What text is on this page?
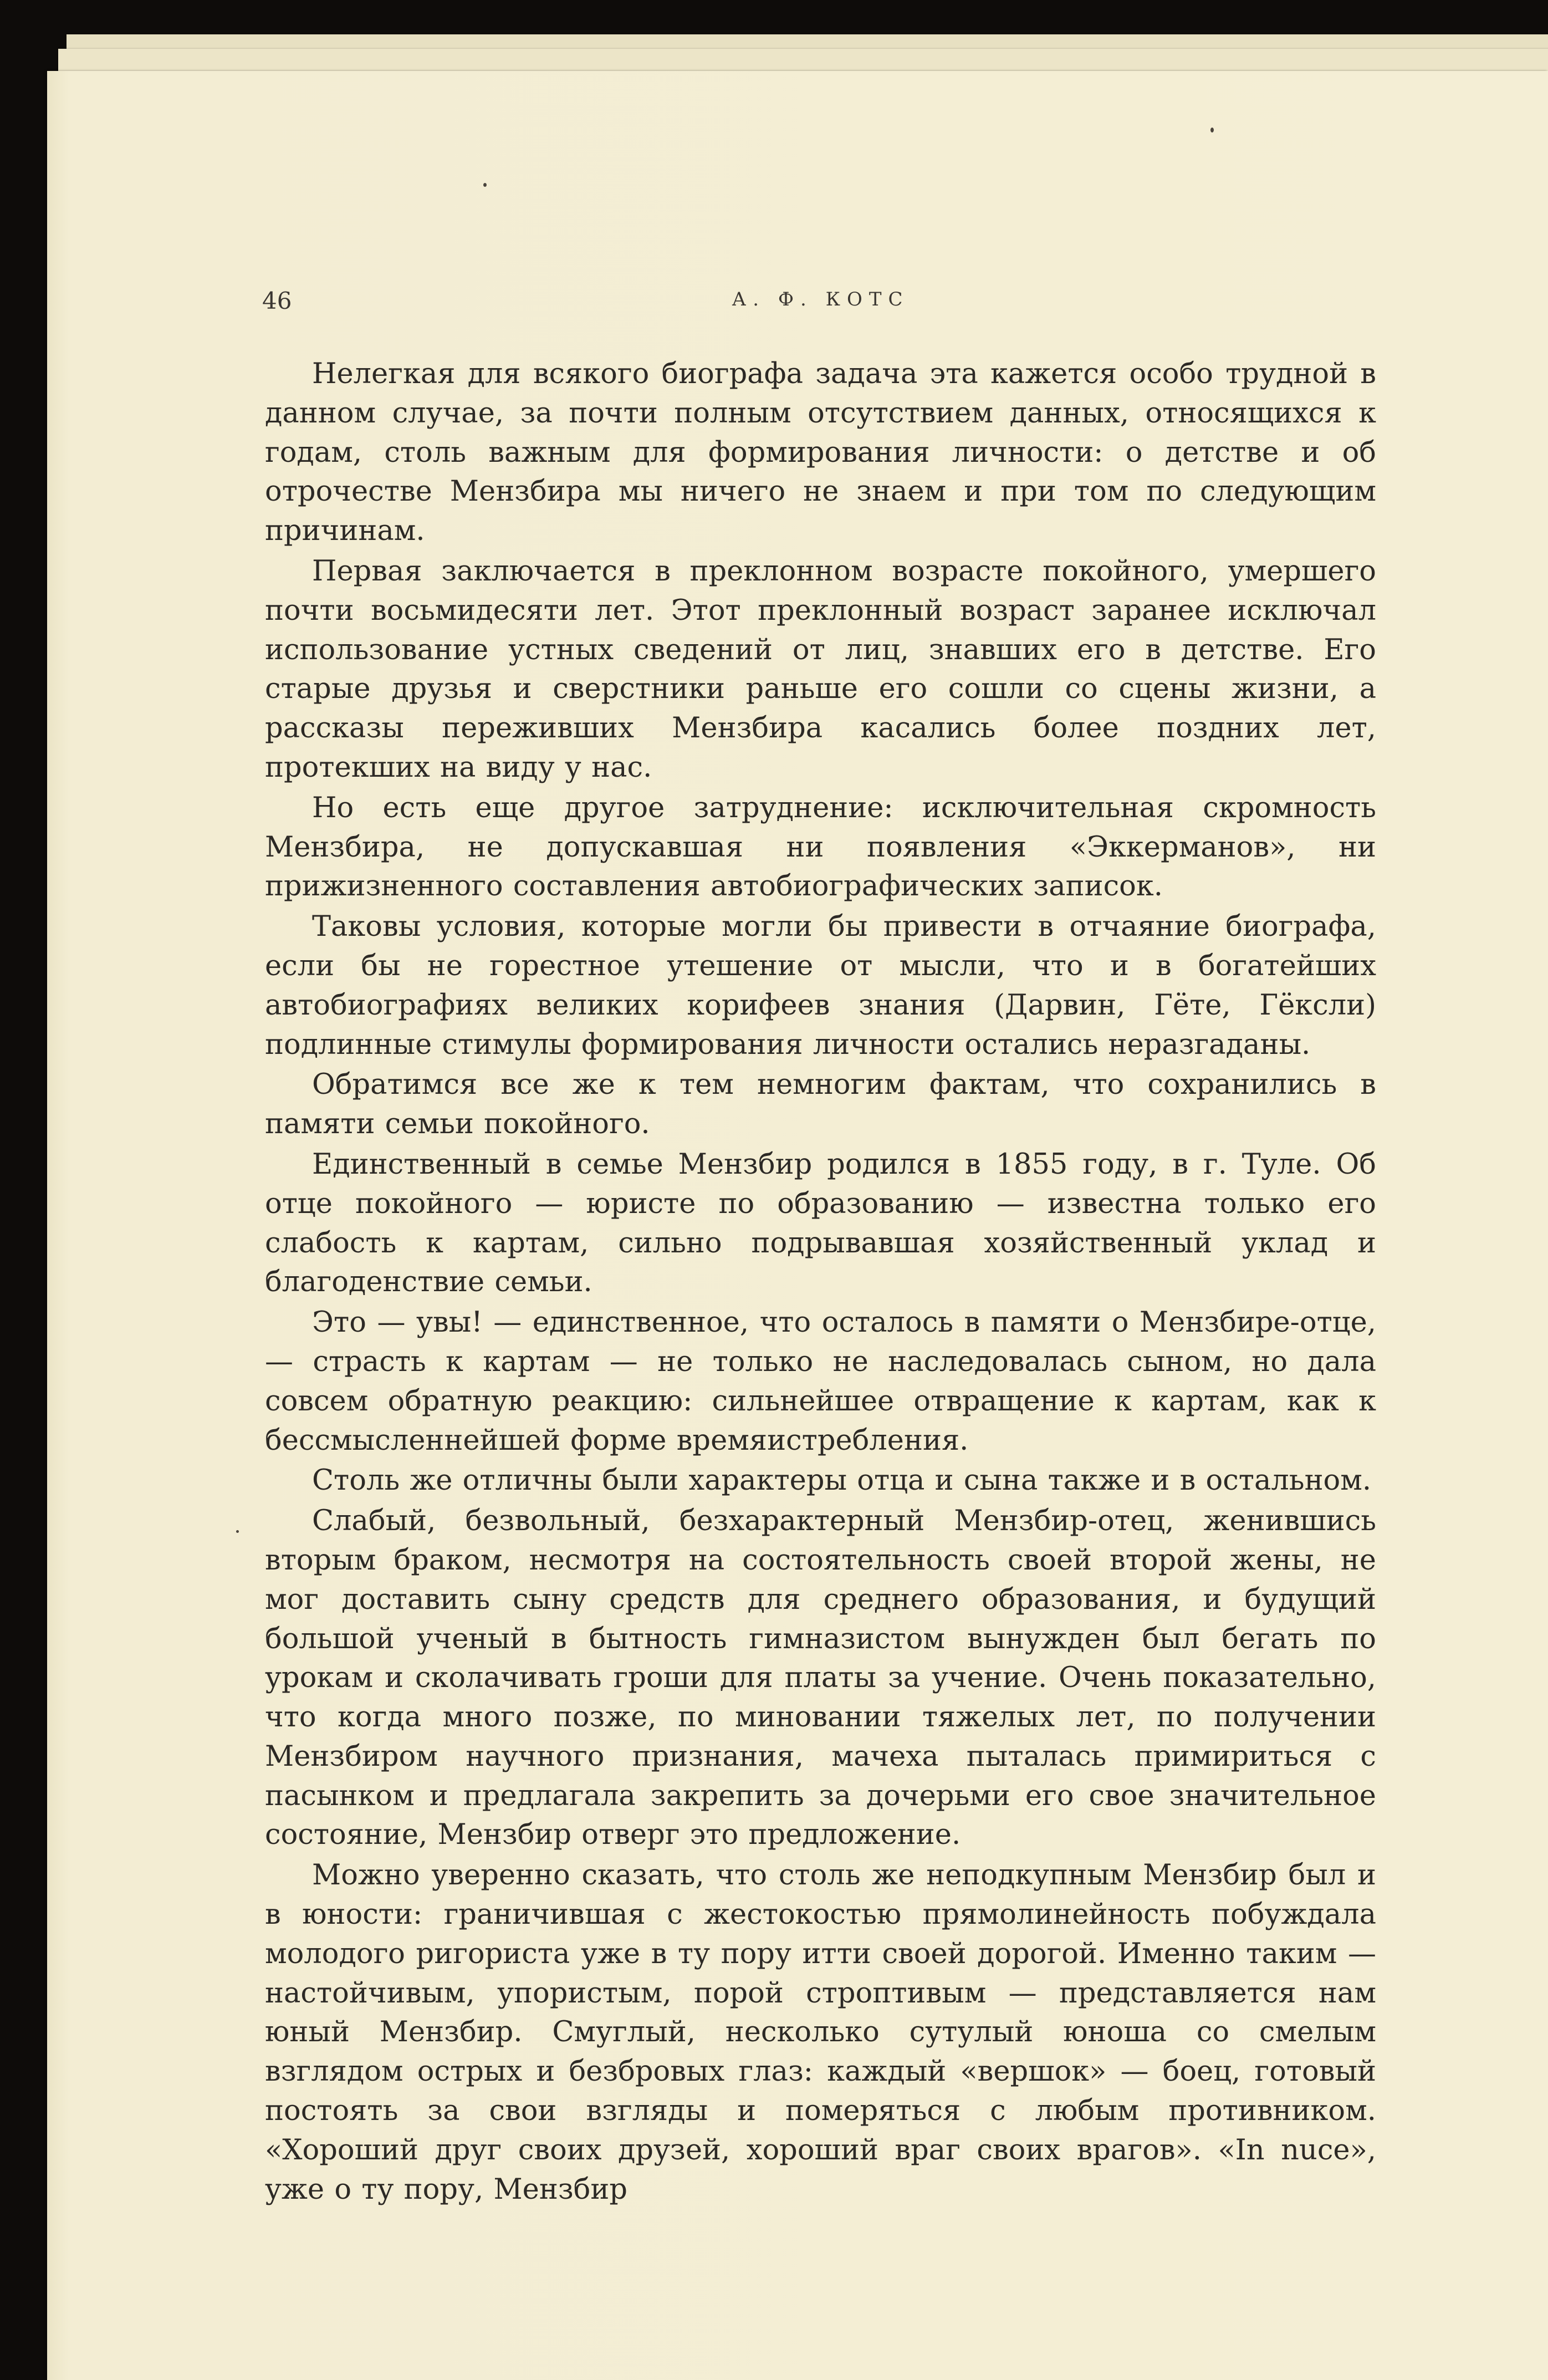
46	А. Ф. КОТС

Нелегкая для всякого биографа задача эта кажется особо трудной в данном случае, за почти полным отсутствием данных, относящихся к годам, столь важным для формирования личности: о детстве и об отрочестве Мензбира мы ничего не знаем и при том по следующим причинам.

Первая заключается в преклонном возрасте покойного, умершего почти восьмидесяти лет. Этот преклонный возраст заранее исключал использование устных сведений от лиц, знавших его в детстве. Его старые друзья и сверстники раньше его сошли со сцены жизни, а рассказы переживших Мензбира касались более поздних лет, протекших на виду у нас.

Но есть еще другое затруднение: исключительная скромность Мензбира, не допускавшая ни появления «Эккерманов», ни прижизненного составления автобиографических записок.

Таковы условия, которые могли бы привести в отчаяние биографа, если бы не горестное утешение от мысли, что и в богатейших автобиографиях великих корифеев знания (Дарвин, Гёте, Гёксли) подлинные стимулы формирования личности остались неразгаданы.

Обратимся все же к тем немногим фактам, что сохранились в памяти семьи покойного.

Единственный в семье Мензбир родился в 1855 году, в г. Туле. Об отце покойного — юристе по образованию — известна только его слабость к картам, сильно подрывавшая хозяйственный уклад и благоденствие семьи.

Это — увы! — единственное, что осталось в памяти о Мензбире-отце,— страсть к картам — не только не наследовалась сыном, но дала совсем обратную реакцию: сильнейшее отвращение к картам, как к бессмысленнейшей форме времяистребления.

Столь же отличны были характеры отца и сына также и в остальном.

Слабый, безвольный, безхарактерный Мензбир-отец, женившись вторым браком, несмотря на состоятельность своей второй жены, не мог доставить сыну средств для среднего образования, и будущий большой ученый в бытность гимназистом вынужден был бегать по урокам и сколачивать гроши для платы за учение. Очень показательно, что когда много позже, по миновании тяжелых лет, по получении Мензбиром научного признания, мачеха пыталась примириться с пасынком и предлагала закрепить за дочерьми его свое значительное состояние, Мензбир отверг это предложение.

Можно уверенно сказать, что столь же неподкупным Мензбир был и в юности: граничившая с жестокостью прямолинейность побуждала молодого ригориста уже в ту пору итти своей дорогой. Именно таким — настойчивым, упористым, порой строптивым — представляется нам юный Мензбир. Смуглый, несколько сутулый юноша со смелым взглядом острых и безбровых глаз: каждый «вершок» — боец, готовый постоять за свои взгляды и померяться с любым противником. «Хороший друг своих друзей, хороший враг своих врагов». «In nuce», уже о ту пору, Мензбир
